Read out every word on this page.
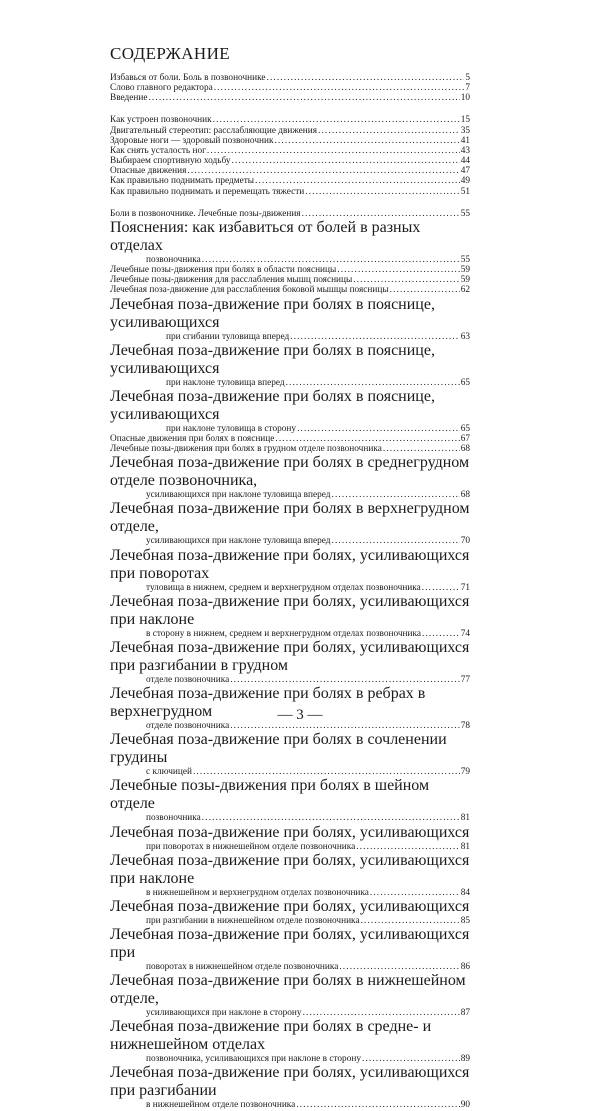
СОДЕРЖАНИЕ
Избавься от боли. Боль в позвоночнике . . .	5
Слово главного редактора . . .	7
Введение . . .	10
Как устроен позвоночник . . .	15
Двигательный стереотип: расслабляющие движения . . .	35
Здоровые ноги — здоровый позвоночник . . .	41
Как снять усталость ног . . .	43
Выбираем спортивную ходьбу . . .	44
Опасные движения . . .	47
Как правильно поднимать предметы . . .	49
Как правильно поднимать и перемещать тяжести . . .	51
Боли в позвоночнике. Лечебные позы-движения . . .	55
Пояснения: как избавиться от болей в разных отделах
позвоночника . . .	55
Лечебные позы-движения при болях в области поясницы . . .	59
Лечебные позы-движения для расслабления мышц поясницы . . .	59
Лечебная поза-движение для расслабления боковой мышцы поясницы . . .	62
Лечебная поза-движение при болях в пояснице, усиливающихся
при сгибании туловища вперед . . .	63
Лечебная поза-движение при болях в пояснице, усиливающихся
при наклоне туловища вперед . . .	65
Лечебная поза-движение при болях в пояснице, усиливающихся
при наклоне туловища в сторону . . .	65
Опасные движения при болях в пояснице . . .	67
Лечебные позы-движения при болях в грудном отделе позвоночника . . .	68
Лечебная поза-движение при болях в среднегрудном отделе позвоночника,
усиливающихся при наклоне туловища вперед . . .	68
Лечебная поза-движение при болях в верхнегрудном отделе,
усиливающихся при наклоне туловища вперед . . .	70
Лечебная поза-движение при болях, усиливающихся при поворотах
туловища в нижнем, среднем и верхнегрудном отделах позвоночника . . .	71
Лечебная поза-движение при болях, усиливающихся при наклоне
в сторону в нижнем, среднем и верхнегрудном отделах позвоночника . . .	74
Лечебная поза-движение при болях, усиливающихся при разгибании в грудном
отделе позвоночника . . .	77
Лечебная поза-движение при болях в ребрах в верхнегрудном
отделе позвоночника . . .	78
Лечебная поза-движение при болях в сочленении грудины
с ключицей . . .	79
Лечебные позы-движения при болях в шейном отделе
позвоночника . . .	81
Лечебная поза-движение при болях, усиливающихся
при поворотах в нижнешейном отделе позвоночника . . .	81
Лечебная поза-движение при болях, усиливающихся при наклоне
в нижнешейном и верхнегрудном отделах позвоночника . . .	84
Лечебная поза-движение при болях, усиливающихся
при разгибании в нижнешейном отделе позвоночника . . .	85
Лечебная поза-движение при болях, усиливающихся при
поворотах в нижнешейном отделе позвоночника . . .	86
Лечебная поза-движение при болях в нижнешейном отделе,
усиливающихся при наклоне в сторону . . .	87
Лечебная поза-движение при болях в средне- и нижнешейном отделах
позвоночника, усиливающихся при наклоне в сторону . . .	89
Лечебная поза-движение при болях, усиливающихся при разгибании
в нижнешейном отделе позвоночника . . .	90
— 3 —
